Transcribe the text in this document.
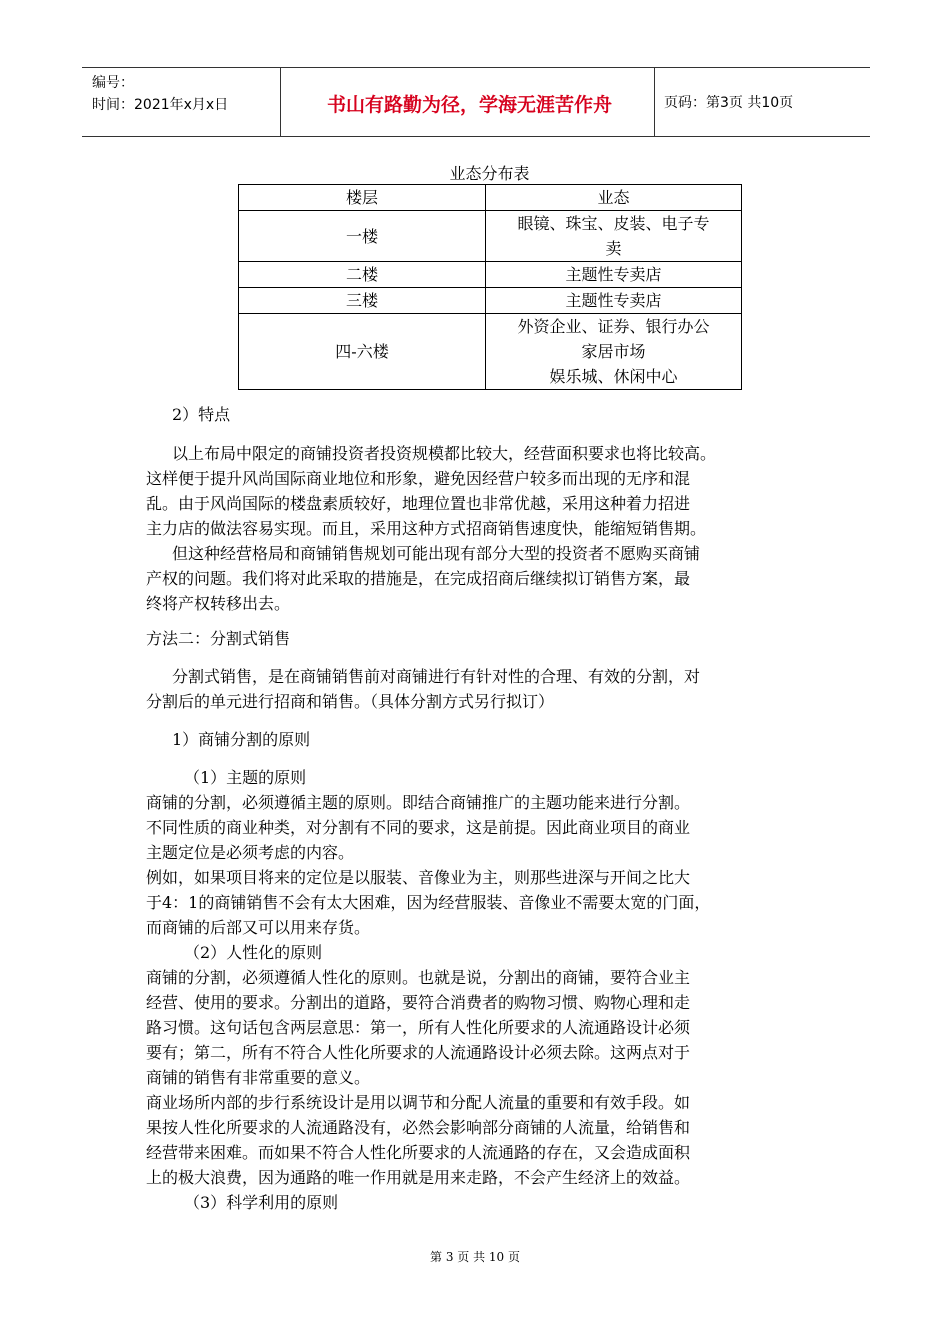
编号：
时间：2021年x月x日	书山有路勤为径，学海无涯苦作舟	页码：第3页 共10页
业态分布表
楼层	业态
一楼	眼镜、珠宝、皮装、电子专
卖

二楼	主题性专卖店

三楼	主题性专卖店

四-六楼	外资企业、证券、银行办公
家居市场
娱乐城、休闲中心

2）特点

以上布局中限定的商铺投资者投资规模都比较大，经营面积要求也将比较高。

这样便于提升风尚国际商业地位和形象，避免因经营户较多而出现的无序和混

乱。由于风尚国际的楼盘素质较好，地理位置也非常优越，采用这种着力招进

主力店的做法容易实现。而且，采用这种方式招商销售速度快，能缩短销售期。

但这种经营格局和商铺销售规划可能出现有部分大型的投资者不愿购买商铺

产权的问题。我们将对此采取的措施是，在完成招商后继续拟订销售方案，最

终将产权转移出去。

方法二：分割式销售

分割式销售，是在商铺销售前对商铺进行有针对性的合理、有效的分割，对

分割后的单元进行招商和销售。（具体分割方式另行拟订）

1）商铺分割的原则

（1）主题的原则

商铺的分割，必须遵循主题的原则。即结合商铺推广的主题功能来进行分割。

不同性质的商业种类，对分割有不同的要求，这是前提。因此商业项目的商业

主题定位是必须考虑的内容。

例如，如果项目将来的定位是以服装、音像业为主，则那些进深与开间之比大

于4：1的商铺销售不会有太大困难，因为经营服装、音像业不需要太宽的门面，

而商铺的后部又可以用来存货。

（2）人性化的原则

商铺的分割，必须遵循人性化的原则。也就是说，分割出的商铺，要符合业主

经营、使用的要求。分割出的道路，要符合消费者的购物习惯、购物心理和走

路习惯。这句话包含两层意思：第一，所有人性化所要求的人流通路设计必须

要有；第二，所有不符合人性化所要求的人流通路设计必须去除。这两点对于

商铺的销售有非常重要的意义。

商业场所内部的步行系统设计是用以调节和分配人流量的重要和有效手段。如

果按人性化所要求的人流通路没有，必然会影响部分商铺的人流量，给销售和

经营带来困难。而如果不符合人性化所要求的人流通路的存在，又会造成面积

上的极大浪费，因为通路的唯一作用就是用来走路，不会产生经济上的效益。

（3）科学利用的原则

第 3 页 共 10 页
